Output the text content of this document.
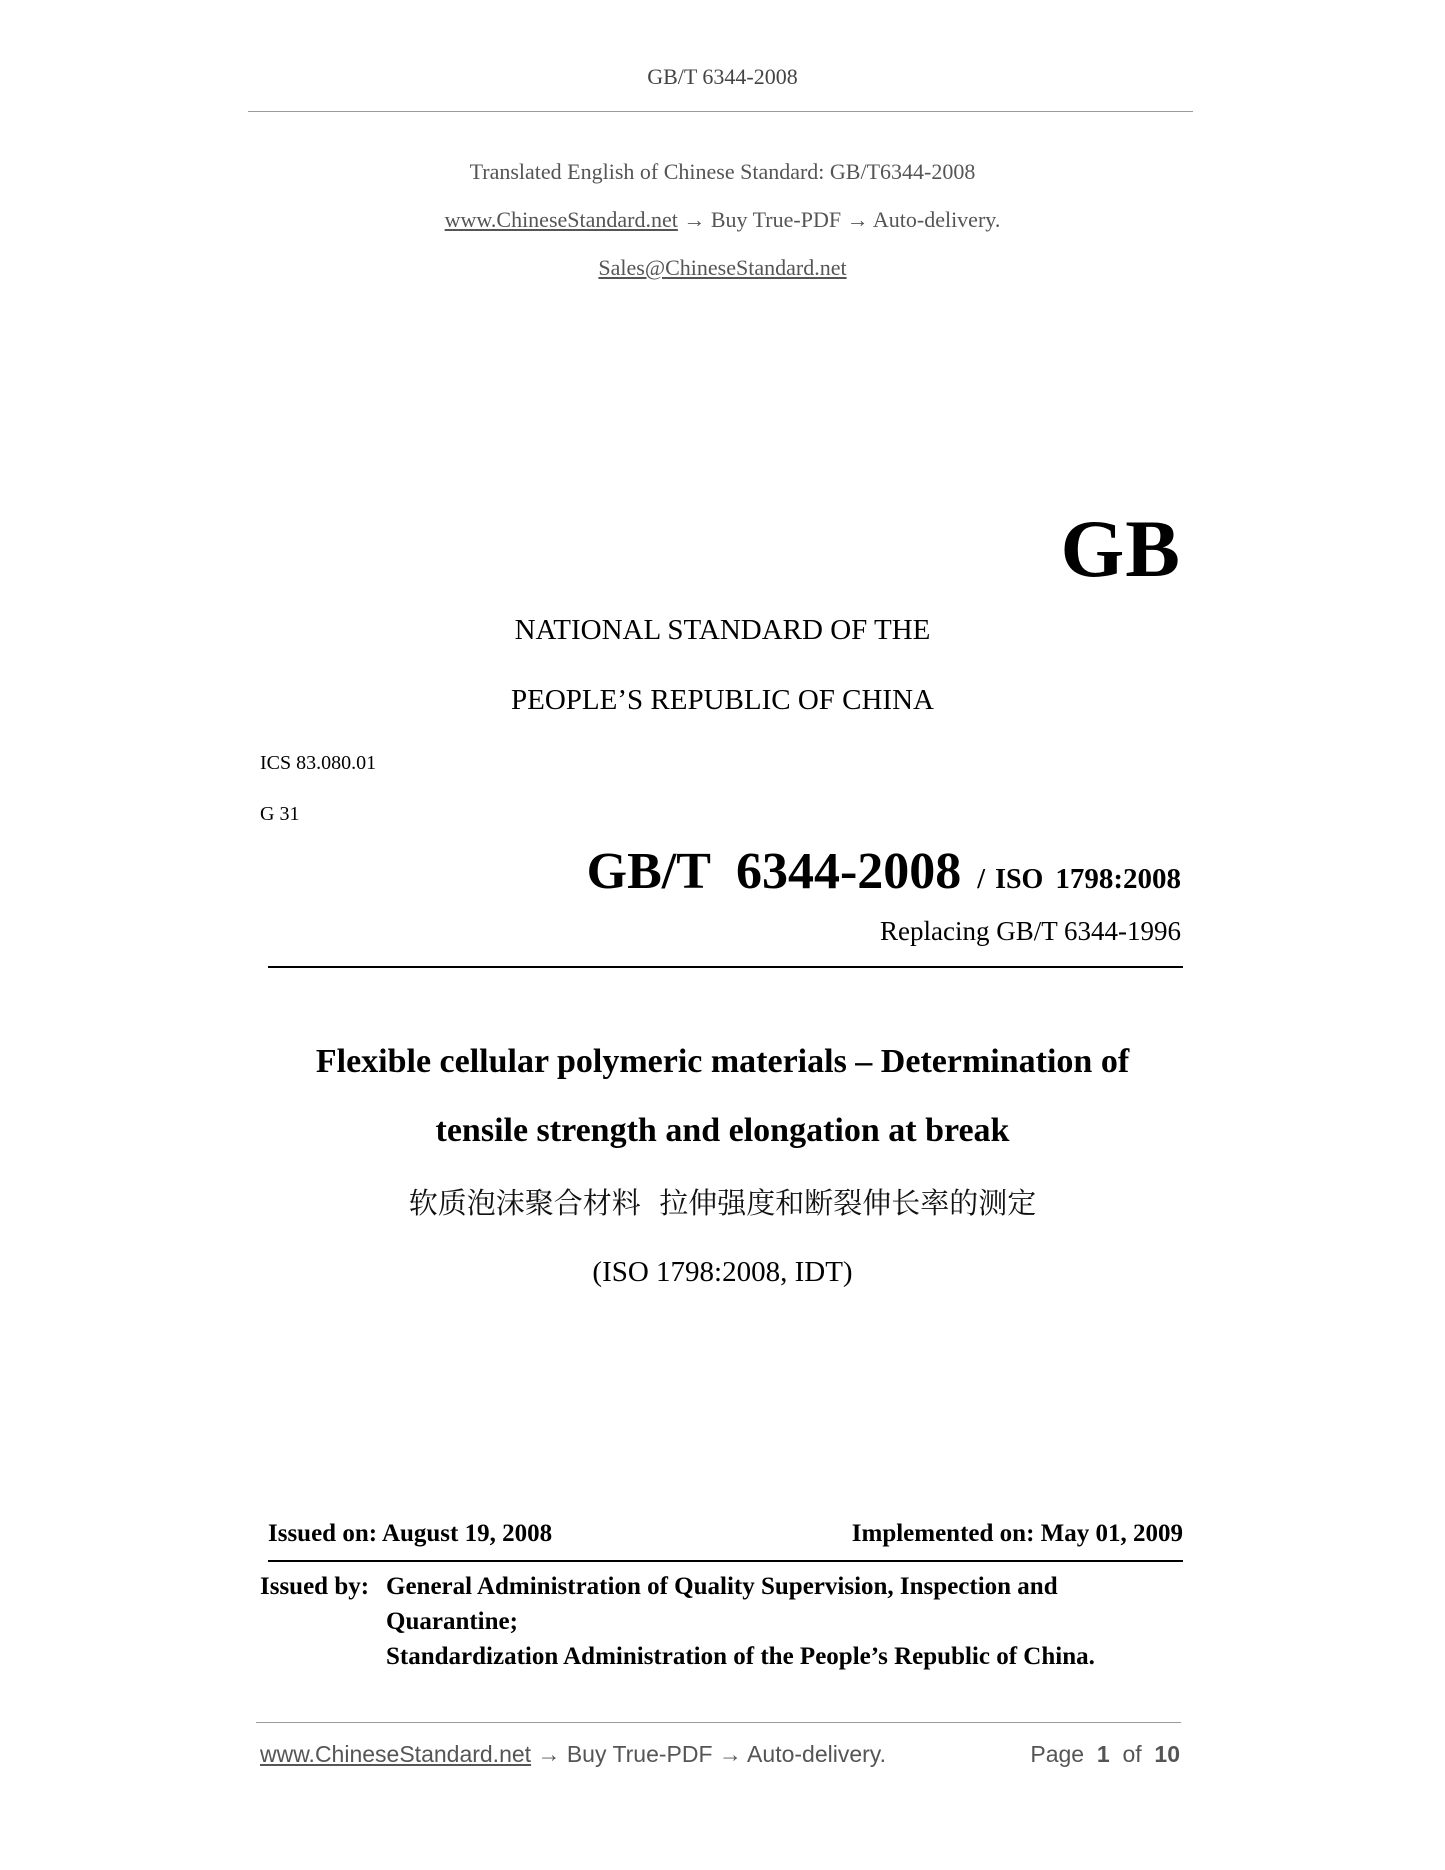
GB/T 6344-2008
Translated English of Chinese Standard: GB/T6344-2008
www.ChineseStandard.net → Buy True-PDF → Auto-delivery.
Sales@ChineseStandard.net
GB
NATIONAL STANDARD OF THE
PEOPLE’S REPUBLIC OF CHINA
ICS 83.080.01
G 31
GB/T  6344-2008 / ISO 1798:2008
Replacing GB/T 6344-1996
Flexible cellular polymeric materials – Determination of
tensile strength and elongation at break
软质泡沫聚合材料  拉伸强度和断裂伸长率的测定
(ISO 1798:2008, IDT)
Issued on: August 19, 2008	Implemented on: May 01, 2009
Issued by: General Administration of Quality Supervision, Inspection and
Quarantine;
Standardization Administration of the People’s Republic of China.
www.ChineseStandard.net → Buy True-PDF → Auto-delivery.	Page 1 of 10
